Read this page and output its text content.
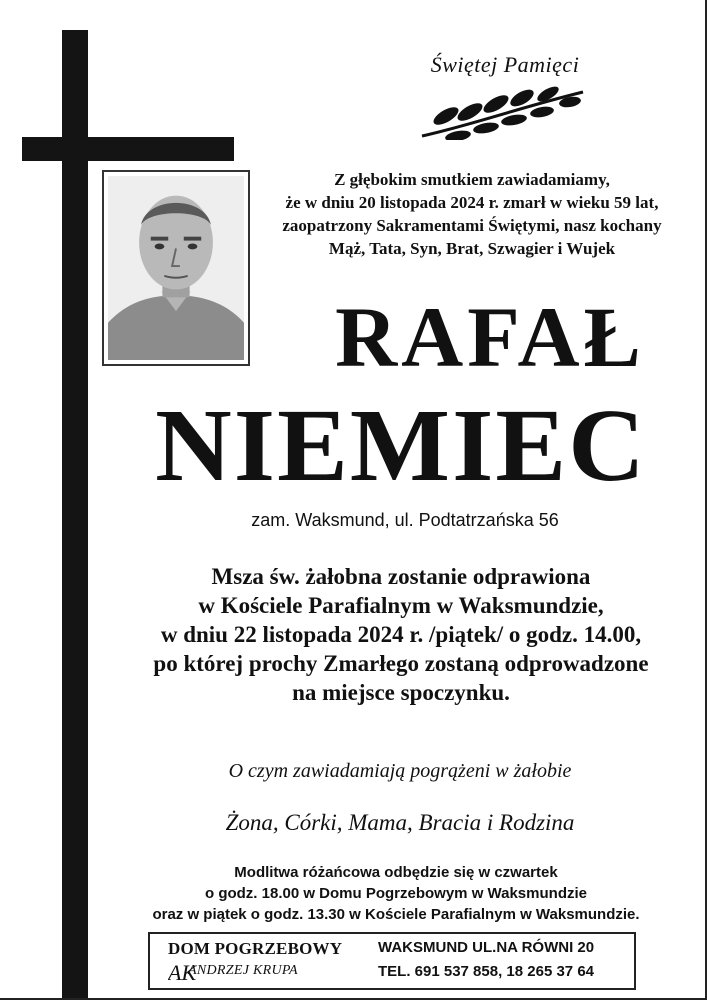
Świętej Pamięci
Z głębokim smutkiem zawiadamiamy,
że w dniu 20 listopada 2024 r. zmarł w wieku 59 lat,
zaopatrzony Sakramentami Świętymi, nasz kochany
Mąż, Tata, Syn, Brat, Szwagier i Wujek
RAFAŁ
NIEMIEC
zam. Waksmund, ul. Podtatrzańska 56
Msza św. żałobna zostanie odprawiona
w Kościele Parafialnym w Waksmundzie,
w dniu 22 listopada 2024 r. /piątek/ o godz. 14.00,
po której prochy Zmarłego zostaną odprowadzone
na miejsce spoczynku.
O czym zawiadamiają pogrążeni w żałobie
Żona, Córki, Mama, Bracia i Rodzina
Modlitwa różańcowa odbędzie się w czwartek
o godz. 18.00 w Domu Pogrzebowym w Waksmundzie
oraz w piątek o godz. 13.30 w Kościele Parafialnym w Waksmundzie.
DOM POGRZEBOWY
AK
ANDRZEJ KRUPA
WAKSMUND UL.NA RÓWNI 20
TEL. 691 537 858, 18 265 37 64
